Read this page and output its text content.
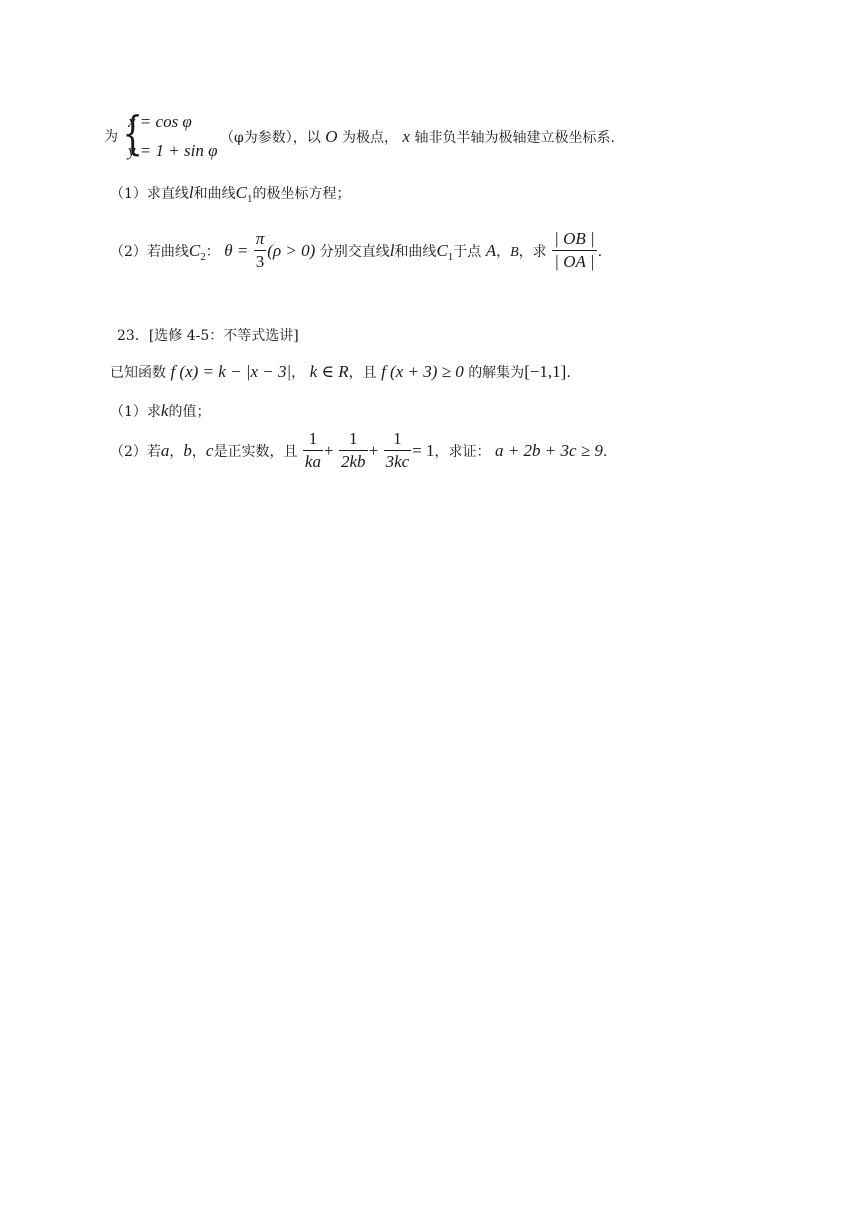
为 {
x = cos φ
y = 1 + sin φ
（φ为参数），以 O 为极点， x 轴非负半轴为极轴建立极坐标系.
（1）求直线l和曲线$C_1$的极坐标方程；
（2）若曲线$C_2$： $\theta = \frac{\pi}{3} (\rho > 0)$ 分别交直线l和曲线$C_1$于点 A，B，求 $\frac{| OB |}{| OA |}$ .
23．[选修 4-5：不等式选讲]
已知函数 f (x) = k − |x − 3|， k ∈ R，且 f (x + 3) ≥ 0 的解集为[−1,1].
（1）求k的值；
（2）若a，b，c是正实数，且 $\frac{1}{ka} + \frac{1}{2kb} + \frac{1}{3kc} = 1$，求证： a + 2b + 3c ≥ 9.
